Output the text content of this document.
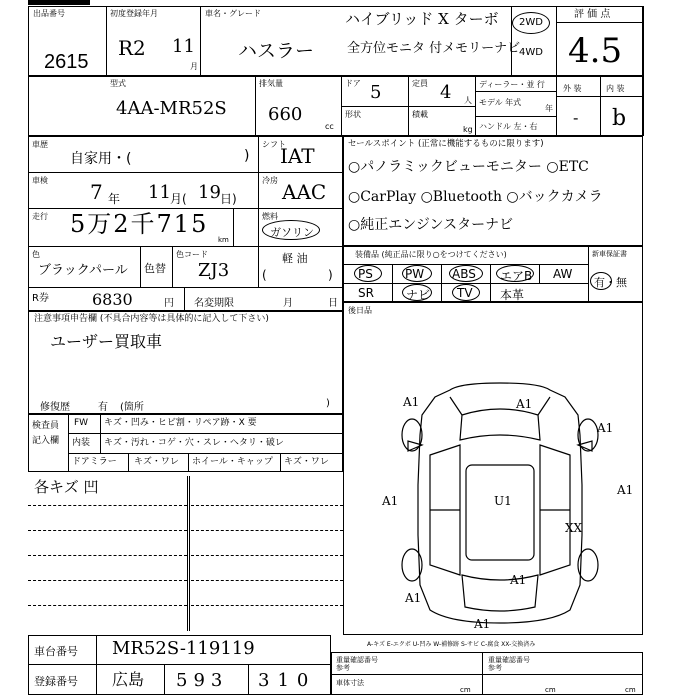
出品番号
2615
初度登録年月
R2 11
月
車名・グレード
ハスラー
ハイブリッド X ターボ
全方位モニタ 付メモリーナビ
2WD
4WD
評 価 点
4.5
型式
4AA-MR52S
排気量
660
cc
ドア 5	定員 4 人
形状	積載
kg
ディーラー・並 行
モデル 年式
年
ハンドル 左・右
外 装	内 装
- b
車歴
自家用・(	)
シフト
IAT
車検 7 年 11 月( 19 日)
冷房 AAC
走行 5万2千715
km
燃料
ガソリン
色
ブラックパール 色替
色コード
ZJ3
軽 油
(	)
R券	6830	円 名変期限	月	日
セールスポイント (正常に機能するものに限ります)
○パノラミックビューモニター ○ETC
○CarPlay ○Bluetooth ○バックカメラ
○純正エンジンスターナビ
装備品 (純正品に限り○をつけてください)	新車保証書
PS	PW ABS エアB AW
SR	ナビ TV 本革
有・無
後日品
注意事項申告欄 (不具合内容等は具体的に記入して下さい)
ユーザー買取車
修復歴	有 (箇所	)
検査員
記入欄
FW キズ・凹み・ヒビ割・リペア跡・X 要
内装 キズ・汚れ・コゲ・穴・スレ・ヘタリ・破レ
ドアミラー キズ・ワレ ホイール・キャップ キズ・ワレ
各キズ 凹
A1	A1
A1
A1	U1
XX
A1
A1
A1
A1
A-キズ E-エクボ U-凹み W-補修跡 S-サビ C-腐食 XX-交換済み
車台番号 MR52S-119119
登録番号 広島 593 310
重量確認番号
参考
重量確認番号
参考
車体寸法
cm	cm	cm
